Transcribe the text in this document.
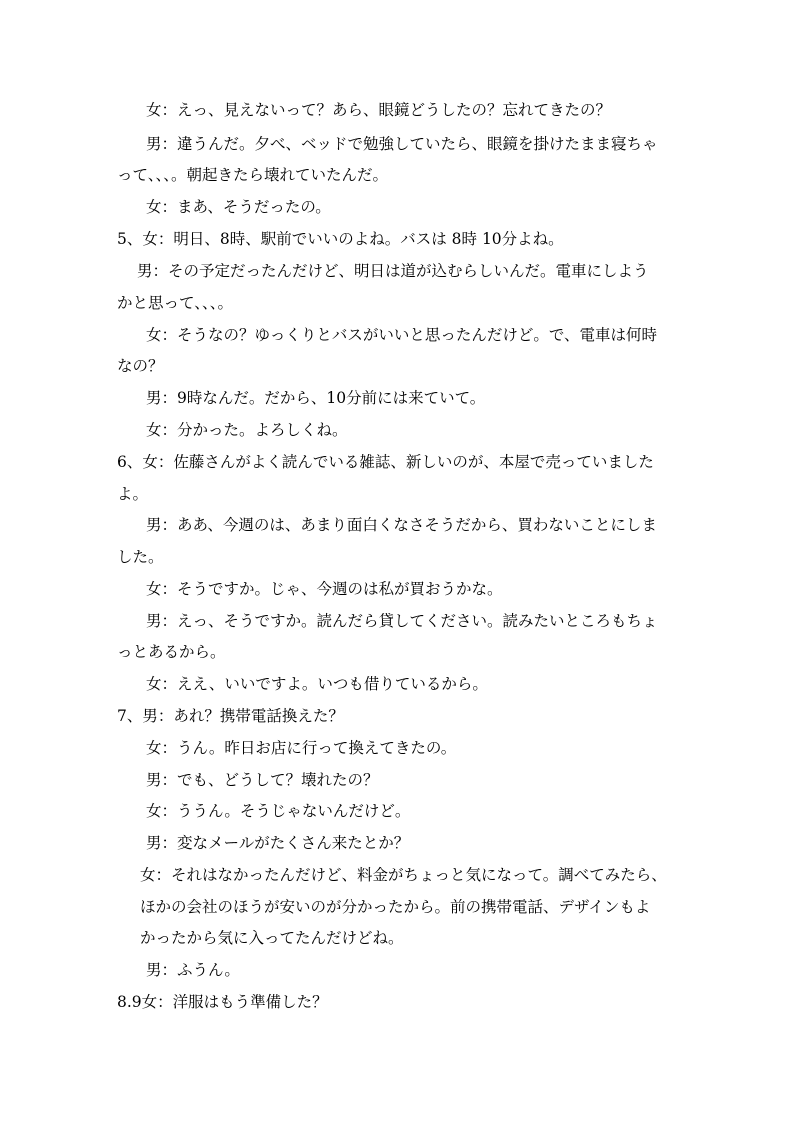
女：えっ、見えないって？あら、眼鏡どうしたの？忘れてきたの？
男：違うんだ。夕べ、ベッドで勉強していたら、眼鏡を掛けたまま寝ちゃ
って、、、。朝起きたら壊れていたんだ。
女：まあ、そうだったの。
5、女：明日、8時、駅前でいいのよね。バスは 8時 10分よね。
男：その予定だったんだけど、明日は道が込むらしいんだ。電車にしよう
かと思って、、、。
女：そうなの？ゆっくりとバスがいいと思ったんだけど。で、電車は何時
なの？
男：9時なんだ。だから、10分前には来ていて。
女：分かった。よろしくね。
6、女：佐藤さんがよく読んでいる雑誌、新しいのが、本屋で売っていました
よ。
男：ああ、今週のは、あまり面白くなさそうだから、買わないことにしま
した。
女：そうですか。じゃ、今週のは私が買おうかな。
男：えっ、そうですか。読んだら貸してください。読みたいところもちょ
っとあるから。
女：ええ、いいですよ。いつも借りているから。
7、男：あれ？携帯電話換えた？
女：うん。昨日お店に行って換えてきたの。
男：でも、どうして？壊れたの？
女：ううん。そうじゃないんだけど。
男：変なメールがたくさん来たとか？
女：それはなかったんだけど、料金がちょっと気になって。調べてみたら、
ほかの会社のほうが安いのが分かったから。前の携帯電話、デザインもよ
かったから気に入ってたんだけどね。
男：ふうん。
8.9女：洋服はもう準備した？
